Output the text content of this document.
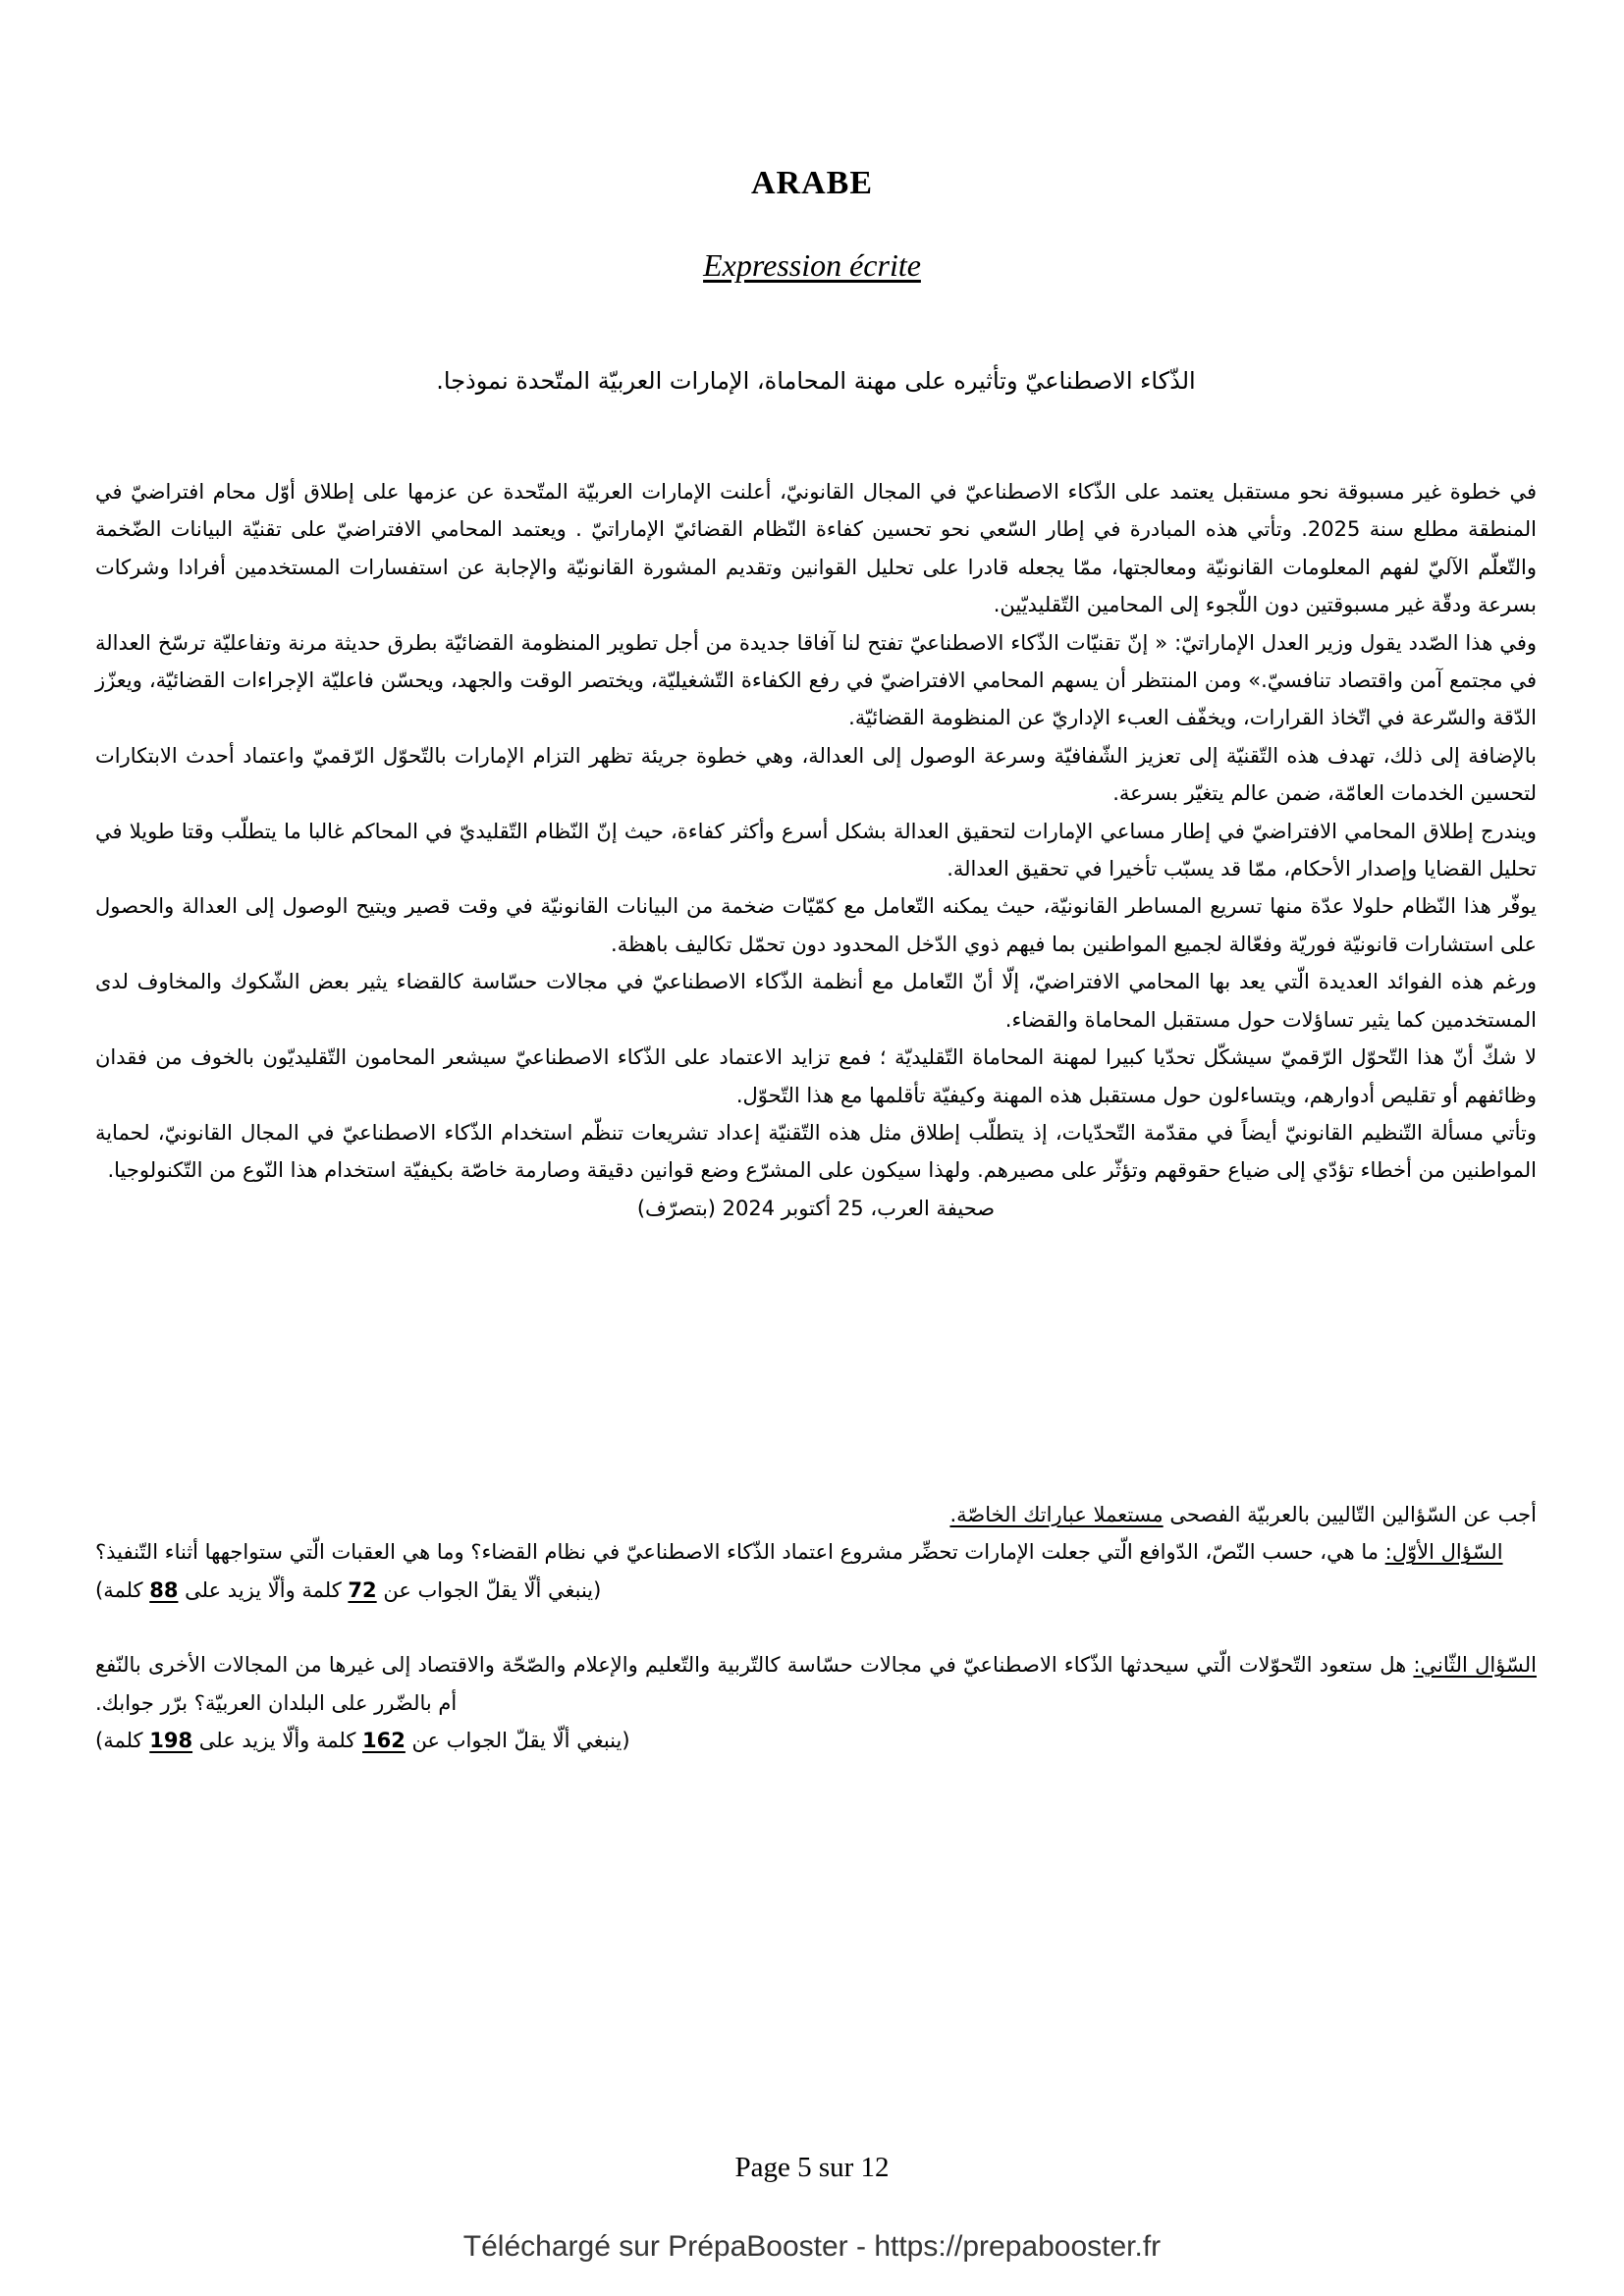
ARABE
Expression écrite
الذّكاء الاصطناعيّ وتأثيره على مهنة المحاماة، الإمارات العربيّة المتّحدة نموذجا.

في خطوة غير مسبوقة نحو مستقبل يعتمد على الذّكاء الاصطناعيّ في المجال القانونيّ، أعلنت الإمارات العربيّة المتّحدة عن عزمها على إطلاق أوّل محام افتراضيّ في المنطقة مطلع سنة 2025. وتأتي هذه المبادرة في إطار السّعي نحو تحسين كفاءة النّظام القضائيّ الإماراتيّ . ويعتمد المحامي الافتراضيّ على تقنيّة البيانات الضّخمة والتّعلّم الآليّ لفهم المعلومات القانونيّة ومعالجتها، ممّا يجعله قادرا على تحليل القوانين وتقديم المشورة القانونيّة والإجابة عن استفسارات المستخدمين أفرادا وشركات بسرعة ودقّة غير مسبوقتين دون اللّجوء إلى المحامين التّقليديّين.

وفي هذا الصّدد يقول وزير العدل الإماراتيّ: « إنّ تقنيّات الذّكاء الاصطناعيّ تفتح لنا آفاقا جديدة من أجل تطوير المنظومة القضائيّة بطرق حديثة مرنة وتفاعليّة ترسّخ العدالة في مجتمع آمن واقتصاد تنافسيّ.» ومن المنتظر أن يسهم المحامي الافتراضيّ في رفع الكفاءة التّشغيليّة، ويختصر الوقت والجهد، ويحسّن فاعليّة الإجراءات القضائيّة، ويعزّز الدّقة والسّرعة في اتّخاذ القرارات، ويخفّف العبء الإداريّ عن المنظومة القضائيّة.

بالإضافة إلى ذلك، تهدف هذه التّقنيّة إلى تعزيز الشّفافيّة وسرعة الوصول إلى العدالة، وهي خطوة جريئة تظهر التزام الإمارات بالتّحوّل الرّقميّ واعتماد أحدث الابتكارات لتحسين الخدمات العامّة، ضمن عالم يتغيّر بسرعة.

ويندرج إطلاق المحامي الافتراضيّ في إطار مساعي الإمارات لتحقيق العدالة بشكل أسرع وأكثر كفاءة، حيث إنّ النّظام التّقليديّ في المحاكم غالبا ما يتطلّب وقتا طويلا في تحليل القضايا وإصدار الأحكام، ممّا قد يسبّب تأخيرا في تحقيق العدالة.

يوفّر هذا النّظام حلولا عدّة منها تسريع المساطر القانونيّة، حيث يمكنه التّعامل مع كمّيّات ضخمة من البيانات القانونيّة في وقت قصير ويتيح الوصول إلى العدالة والحصول على استشارات قانونيّة فوريّة وفعّالة لجميع المواطنين بما فيهم ذوي الدّخل المحدود دون تحمّل تكاليف باهظة.

ورغم هذه الفوائد العديدة الّتي يعد بها المحامي الافتراضيّ، إلّا أنّ التّعامل مع أنظمة الذّكاء الاصطناعيّ في مجالات حسّاسة كالقضاء يثير بعض الشّكوك والمخاوف لدى المستخدمين كما يثير تساؤلات حول مستقبل المحاماة والقضاء.

لا شكّ أنّ هذا التّحوّل الرّقميّ سيشكّل تحدّيا كبيرا لمهنة المحاماة التّقليديّة ؛ فمع تزايد الاعتماد على الذّكاء الاصطناعيّ سيشعر المحامون التّقليديّون بالخوف من فقدان وظائفهم أو تقليص أدوارهم، ويتساءلون حول مستقبل هذه المهنة وكيفيّة تأقلمها مع هذا التّحوّل.

وتأتي مسألة التّنظيم القانونيّ أيضاً في مقدّمة التّحدّيات، إذ يتطلّب إطلاق مثل هذه التّقنيّة إعداد تشريعات تنظّم استخدام الذّكاء الاصطناعيّ في المجال القانونيّ، لحماية المواطنين من أخطاء تؤدّي إلى ضياع حقوقهم وتؤثّر على مصيرهم. ولهذا سيكون على المشرّع وضع قوانين دقيقة وصارمة خاصّة بكيفيّة استخدام هذا النّوع من التّكنولوجيا.

صحيفة العرب، 25 أكتوبر 2024 (بتصرّف)

أجب عن السّؤالين التّاليين بالعربيّة الفصحى مستعملا عباراتك الخاصّة.

السّؤال الأوّل: ما هي، حسب النّصّ، الدّوافع الّتي جعلت الإمارات تحضِّر مشروع اعتماد الذّكاء الاصطناعيّ في نظام القضاء؟ وما هي العقبات الّتي ستواجهها أثناء التّنفيذ؟

(ينبغي ألّا يقلّ الجواب عن 72 كلمة وألّا يزيد على 88 كلمة)

السّؤال الثّاني: هل ستعود التّحوّلات الّتي سيحدثها الذّكاء الاصطناعيّ في مجالات حسّاسة كالتّربية والتّعليم والإعلام والصّحّة والاقتصاد إلى غيرها من المجالات الأخرى بالنّفع أم بالضّرر على البلدان العربيّة؟ برّر جوابك.

(ينبغي ألّا يقلّ الجواب عن 162 كلمة وألّا يزيد على 198 كلمة)

Page 5 sur 12
Téléchargé sur PrépaBooster - https://prepabooster.fr
